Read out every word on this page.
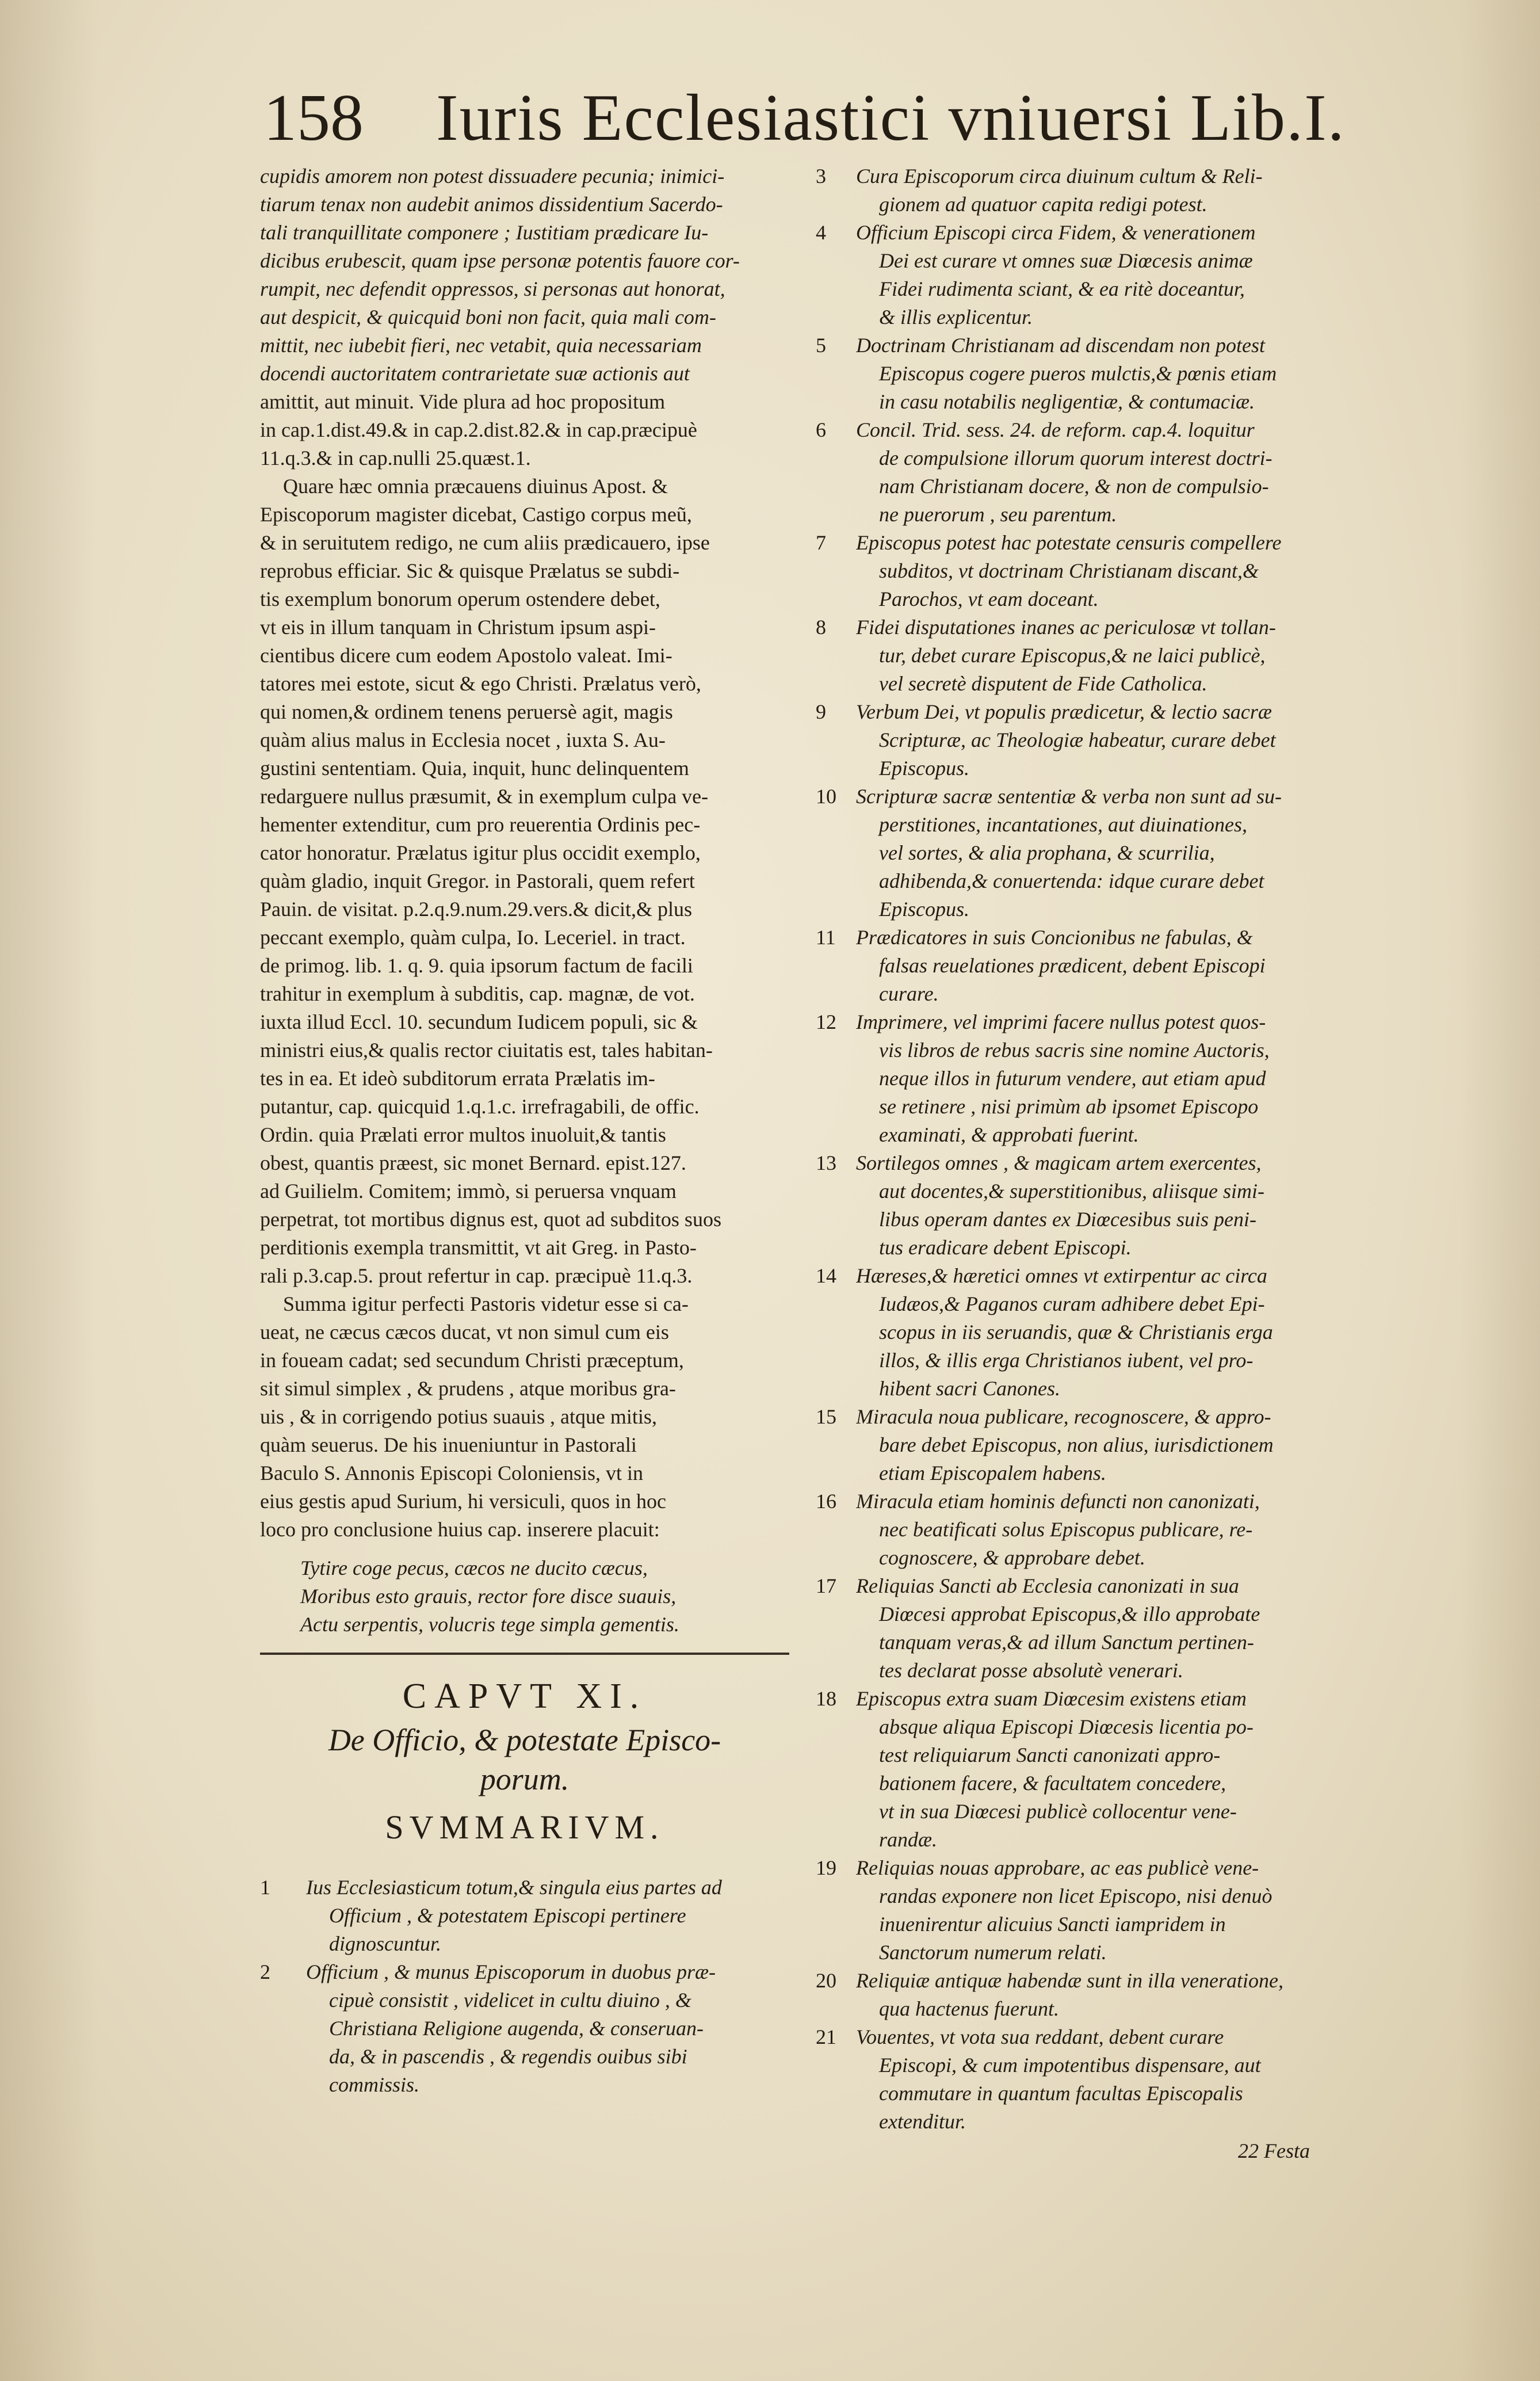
158 Iuris Ecclesiastici vniuersi Lib.I.
cupidis amorem non potest dissuadere pecunia; inimici-
tiarum tenax non audebit animos dissidentium Sacerdo-
tali tranquillitate componere ; Iustitiam prædicare Iu-
dicibus erubescit, quam ipse personæ potentis fauore cor-
rumpit, nec defendit oppressos, si personas aut honorat,
aut despicit, & quicquid boni non facit, quia mali com-
mittit, nec iubebit fieri, nec vetabit, quia necessariam
docendi auctoritatem contrarietate suæ actionis aut
amittit, aut minuit. Vide plura ad hoc propositum
in cap.1.dist.49.& in cap.2.dist.82.& in cap.præcipuè
11.q.3.& in cap.nulli 25.quæst.1.
Quare hæc omnia præcauens diuinus Apost. &
Episcoporum magister dicebat, Castigo corpus meũ,
& in seruitutem redigo, ne cum aliis prædicauero, ipse
reprobus efficiar. Sic & quisque Prælatus se subdi-
tis exemplum bonorum operum ostendere debet,
vt eis in illum tanquam in Christum ipsum aspi-
cientibus dicere cum eodem Apostolo valeat. Imi-
tatores mei estote, sicut & ego Christi. Prælatus verò,
qui nomen,& ordinem tenens peruersè agit, magis
quàm alius malus in Ecclesia nocet , iuxta S. Au-
gustini sententiam. Quia, inquit, hunc delinquentem
redarguere nullus præsumit, & in exemplum culpa ve-
hementer extenditur, cum pro reuerentia Ordinis pec-
cator honoratur. Prælatus igitur plus occidit exemplo,
quàm gladio, inquit Gregor. in Pastorali, quem refert
Pauin. de visitat. p.2.q.9.num.29.vers.& dicit,& plus
peccant exemplo, quàm culpa, Io. Leceriel. in tract.
de primog. lib. 1. q. 9. quia ipsorum factum de facili
trahitur in exemplum à subditis, cap. magnæ, de vot.
iuxta illud Eccl. 10. secundum Iudicem populi, sic &
ministri eius,& qualis rector ciuitatis est, tales habitan-
tes in ea. Et ideò subditorum errata Prælatis im-
putantur, cap. quicquid 1.q.1.c. irrefragabili, de offic.
Ordin. quia Prælati error multos inuoluit,& tantis
obest, quantis præest, sic monet Bernard. epist.127.
ad Guilielm. Comitem; immò, si peruersa vnquam
perpetrat, tot mortibus dignus est, quot ad subditos suos
perditionis exempla transmittit, vt ait Greg. in Pasto-
rali p.3.cap.5. prout refertur in cap. præcipuè 11.q.3.
Summa igitur perfecti Pastoris videtur esse si ca-
ueat, ne cæcus cæcos ducat, vt non simul cum eis
in foueam cadat; sed secundum Christi præceptum,
sit simul simplex , & prudens , atque moribus gra-
uis , & in corrigendo potius suauis , atque mitis,
quàm seuerus. De his inueniuntur in Pastorali
Baculo S. Annonis Episcopi Coloniensis, vt in
eius gestis apud Surium, hi versiculi, quos in hoc
loco pro conclusione huius cap. inserere placuit:
Tytire coge pecus, cæcos ne ducito cæcus,
Moribus esto grauis, rector fore disce suauis,
Actu serpentis, volucris tege simpla gementis.
CAPVT XI.
De Officio, & potestate Episco-
porum.
SVMMARIVM.
1 Ius Ecclesiasticum totum,& singula eius partes ad
Officium , & potestatem Episcopi pertinere
dignoscuntur.
2 Officium , & munus Episcoporum in duobus præ-
cipuè consistit , videlicet in cultu diuino , &
Christiana Religione augenda, & conseruan-
da, & in pascendis , & regendis ouibus sibi
commissis.
3 Cura Episcoporum circa diuinum cultum & Reli-
gionem ad quatuor capita redigi potest.
4 Officium Episcopi circa Fidem, & venerationem
Dei est curare vt omnes suæ Diœcesis animæ
Fidei rudimenta sciant, & ea ritè doceantur,
& illis explicentur.
5 Doctrinam Christianam ad discendam non potest
Episcopus cogere pueros mulctis,& pœnis etiam
in casu notabilis negligentiæ, & contumaciæ.
6 Concil. Trid. sess. 24. de reform. cap.4. loquitur
de compulsione illorum quorum interest doctri-
nam Christianam docere, & non de compulsio-
ne puerorum , seu parentum.
7 Episcopus potest hac potestate censuris compellere
subditos, vt doctrinam Christianam discant,&
Parochos, vt eam doceant.
8 Fidei disputationes inanes ac periculosæ vt tollan-
tur, debet curare Episcopus,& ne laici publicè,
vel secretè disputent de Fide Catholica.
9 Verbum Dei, vt populis prædicetur, & lectio sacræ
Scripturæ, ac Theologiæ habeatur, curare debet
Episcopus.
10 Scripturæ sacræ sententiæ & verba non sunt ad su-
perstitiones, incantationes, aut diuinationes,
vel sortes, & alia prophana, & scurrilia,
adhibenda,& conuertenda: idque curare debet
Episcopus.
11 Prædicatores in suis Concionibus ne fabulas, &
falsas reuelationes prædicent, debent Episcopi
curare.
12 Imprimere, vel imprimi facere nullus potest quos-
vis libros de rebus sacris sine nomine Auctoris,
neque illos in futurum vendere, aut etiam apud
se retinere , nisi primùm ab ipsomet Episcopo
examinati, & approbati fuerint.
13 Sortilegos omnes , & magicam artem exercentes,
aut docentes,& superstitionibus, aliisque simi-
libus operam dantes ex Diœcesibus suis peni-
tus eradicare debent Episcopi.
14 Hæreses,& hæretici omnes vt extirpentur ac circa
Iudæos,& Paganos curam adhibere debet Epi-
scopus in iis seruandis, quæ & Christianis erga
illos, & illis erga Christianos iubent, vel pro-
hibent sacri Canones.
15 Miracula noua publicare, recognoscere, & appro-
bare debet Episcopus, non alius, iurisdictionem
etiam Episcopalem habens.
16 Miracula etiam hominis defuncti non canonizati,
nec beatificati solus Episcopus publicare, re-
cognoscere, & approbare debet.
17 Reliquias Sancti ab Ecclesia canonizati in sua
Diœcesi approbat Episcopus,& illo approbate
tanquam veras,& ad illum Sanctum pertinen-
tes declarat posse absolutè venerari.
18 Episcopus extra suam Diœcesim existens etiam
absque aliqua Episcopi Diœcesis licentia po-
test reliquiarum Sancti canonizati appro-
bationem facere, & facultatem concedere,
vt in sua Diœcesi publicè collocentur vene-
randæ.
19 Reliquias nouas approbare, ac eas publicè vene-
randas exponere non licet Episcopo, nisi denuò
inuenirentur alicuius Sancti iampridem in
Sanctorum numerum relati.
20 Reliquiæ antiquæ habendæ sunt in illa veneratione,
qua hactenus fuerunt.
21 Vouentes, vt vota sua reddant, debent curare
Episcopi, & cum impotentibus dispensare, aut
commutare in quantum facultas Episcopalis
extenditur.
22 Festa
